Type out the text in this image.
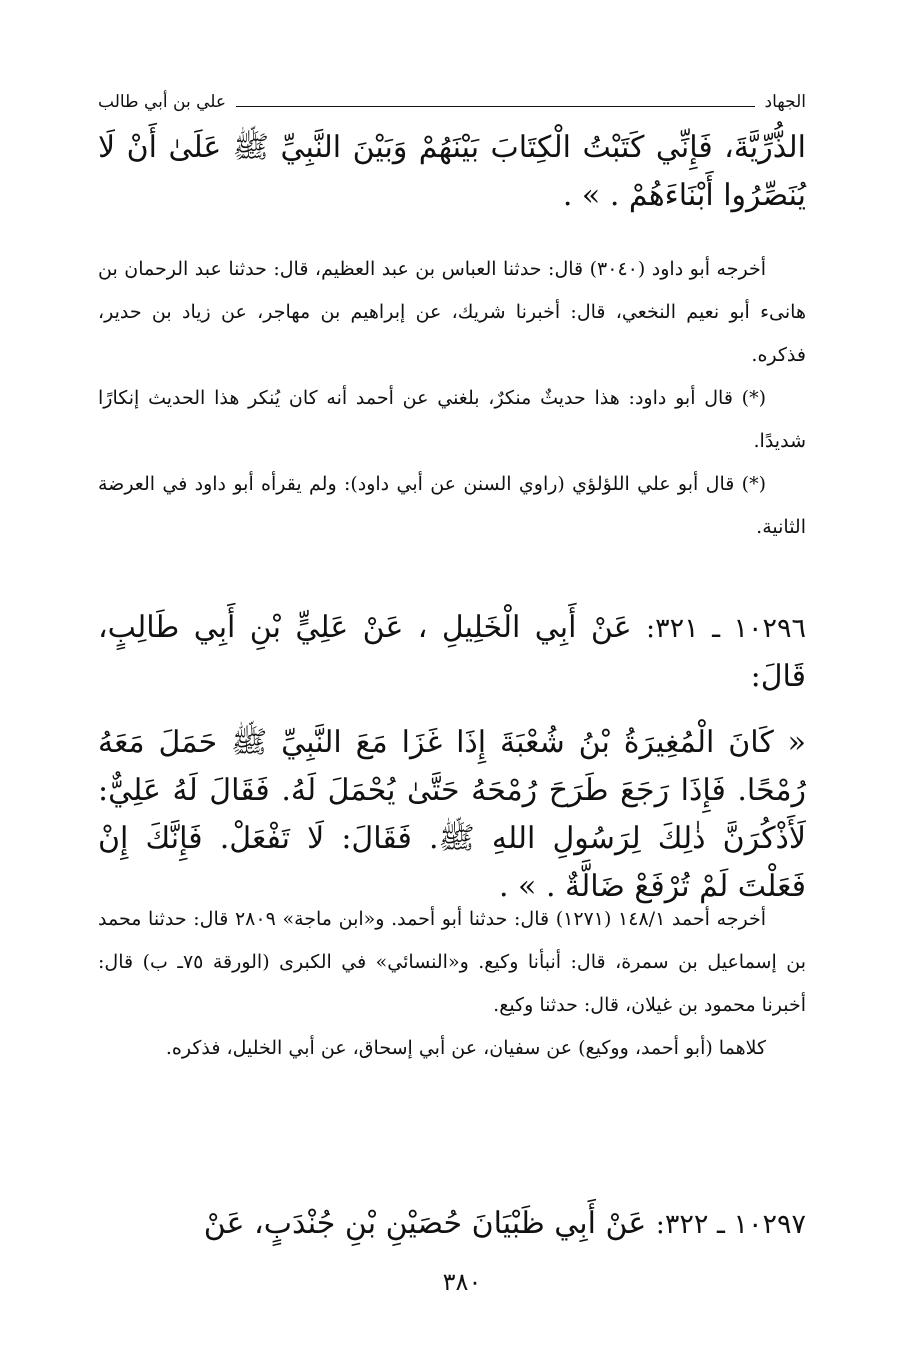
الجهاد
علي بن أبي طالب

الذُّرِّيَّةَ، فَإِنِّي كَتَبْتُ الْكِتَابَ بَيْنَهُمْ وَبَيْنَ النَّبِيِّ ﷺ عَلَىٰ أَنْ لَا يُنَصِّرُوا أَبْنَاءَهُمْ . » .

أخرجه أبو داود (٣٠٤٠) قال: حدثنا العباس بن عبد العظيم، قال: حدثنا عبد الرحمان بن هانىء أبو نعيم النخعي، قال: أخبرنا شريك، عن إبراهيم بن مهاجر، عن زياد بن حدير، فذكره.

(*) قال أبو داود: هذا حديثٌ منكرٌ، بلغني عن أحمد أنه كان يُنكر هذا الحديث إنكارًا شديدًا.

(*) قال أبو علي اللؤلؤي (راوي السنن عن أبي داود): ولم يقرأه أبو داود في العرضة الثانية.

١٠٢٩٦ ـ ٣٢١: عَنْ أَبِي الْخَلِيلِ ، عَنْ عَلِيٍّ بْنِ أَبِي طَالِبٍ، قَالَ:

« كَانَ الْمُغِيرَةُ بْنُ شُعْبَةَ إِذَا غَزَا مَعَ النَّبِيِّ ﷺ حَمَلَ مَعَهُ رُمْحًا. فَإِذَا رَجَعَ طَرَحَ رُمْحَهُ حَتَّىٰ يُحْمَلَ لَهُ. فَقَالَ لَهُ عَلِيٌّ: لَأَذْكُرَنَّ ذٰلِكَ لِرَسُولِ اللهِ ﷺ. فَقَالَ: لَا تَفْعَلْ. فَإِنَّكَ إِنْ فَعَلْتَ لَمْ تُرْفَعْ ضَالَّةٌ . » .

أخرجه أحمد ١٤٨/١ (١٢٧١) قال: حدثنا أبو أحمد. و«ابن ماجة» ٢٨٠٩ قال: حدثنا محمد بن إسماعيل بن سمرة، قال: أنبأنا وكيع. و«النسائي» في الكبرى (الورقة ٧٥ـ ب) قال: أخبرنا محمود بن غيلان، قال: حدثنا وكيع.

كلاهما (أبو أحمد، ووكيع) عن سفيان، عن أبي إسحاق، عن أبي الخليل، فذكره.

١٠٢٩٧ ـ ٣٢٢: عَنْ أَبِي ظَبْيَانَ حُصَيْنِ بْنِ جُنْدَبٍ، عَنْ

٣٨٠
